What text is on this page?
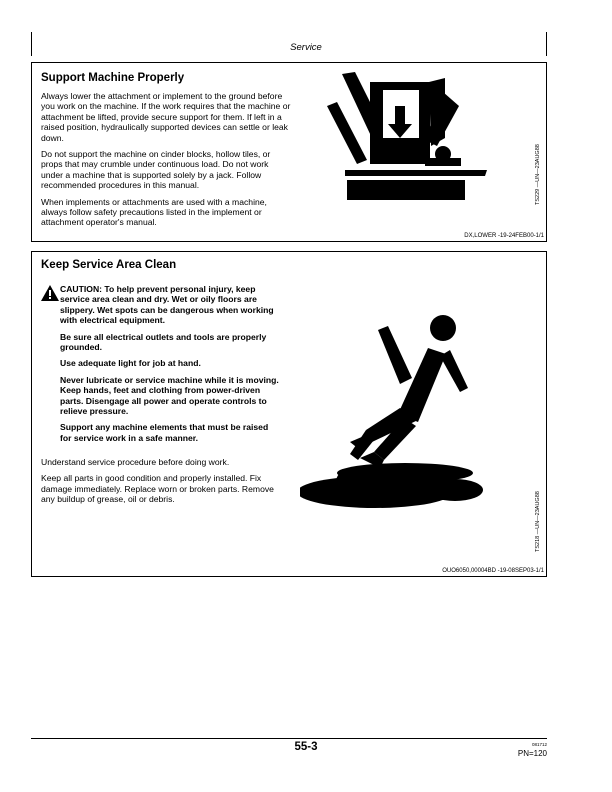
Service
Support Machine Properly

Always lower the attachment or implement to the ground before you work on the machine. If the work requires that the machine or attachment be lifted, provide secure support for them. If left in a raised position, hydraulically supported devices can settle or leak down.

Do not support the machine on cinder blocks, hollow tiles, or props that may crumble under continuous load. Do not work under a machine that is supported solely by a jack. Follow recommended procedures in this manual.

When implements or attachments are used with a machine, always follow safety precautions listed in the implement or attachment operator's manual.

TS229 —UN—23AUG88
DX,LOWER -19-24FEB00-1/1
Keep Service Area Clean

CAUTION: To help prevent personal injury, keep service area clean and dry. Wet or oily floors are slippery. Wet spots can be dangerous when working with electrical equipment.

Be sure all electrical outlets and tools are properly grounded.

Use adequate light for job at hand.

Never lubricate or service machine while it is moving. Keep hands, feet and clothing from power-driven parts. Disengage all power and operate controls to relieve pressure.

Support any machine elements that must be raised for service work in a safe manner.

Understand service procedure before doing work.

Keep all parts in good condition and properly installed. Fix damage immediately. Replace worn or broken parts. Remove any buildup of grease, oil or debris.	TS218 —UN—23AUG88
OUO6050,00004BD -19-08SEP03-1/1
55-3	081712
PN=120
